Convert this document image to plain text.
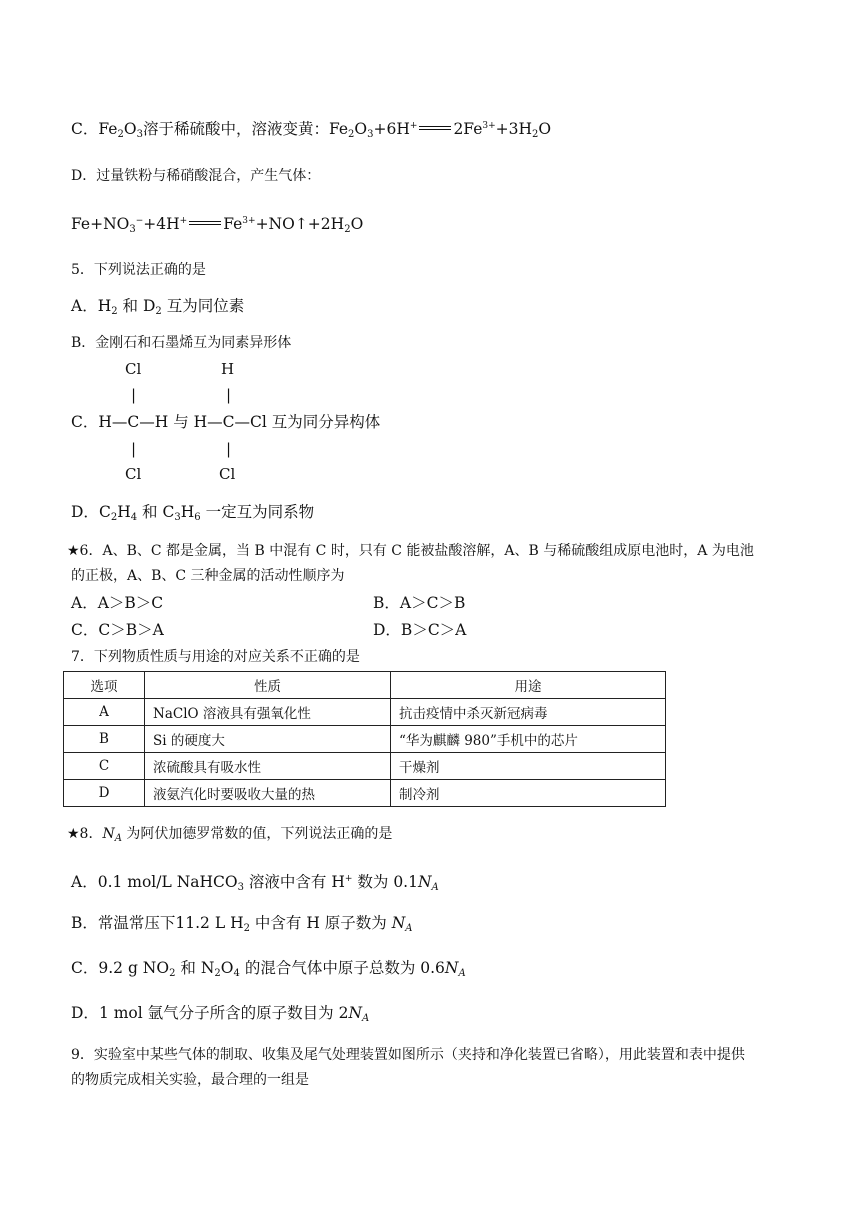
C．$Fe_2O_3$溶于稀硫酸中，溶液变黄：$Fe_2O_3+6H^+$ $2Fe^{3+}+3H_2O$
D．过量铁粉与稀硝酸混合，产生气体：
$Fe+NO_3^-+4H^+$ $Fe^{3+}+NO↑+2H_2O$
5．下列说法正确的是
A．$H_2$ 和 $D_2$ 互为同位素
B．金刚石和石墨烯互为同素异形体
Cl	H
|	|
C．H—C—H 与 H—C—Cl 互为同分异构体
|	|
Cl	Cl
D．$C_2H_4$ 和 $C_3H_6$ 一定互为同系物
★6．A、B、C 都是金属，当 B 中混有 C 时，只有 C 能被盐酸溶解，A、B 与稀硫酸组成原电池时，A 为电池
的正极，A、B、C 三种金属的活动性顺序为
A．A＞B＞C	B．A＞C＞B
C．C＞B＞A	D．B＞C＞A
7．下列物质性质与用途的对应关系不正确的是
选项	性质	用途
A	NaClO 溶液具有强氧化性	抗击疫情中杀灭新冠病毒
B	Si 的硬度大	“华为麒麟 980”手机中的芯片
C	浓硫酸具有吸水性	干燥剂
D	液氨汽化时要吸收大量的热	制冷剂
★8．$N_A$ 为阿伏加德罗常数的值，下列说法正确的是
A．0.1 mol/L NaHCO$_3$ 溶液中含有 H+ 数为 $0.1N_A$
B．常温常压下11.2 L $H_2$ 中含有 H 原子数为 $N_A$
C．9.2 g $NO_2$ 和 $N_2O_4$ 的混合气体中原子总数为 $0.6N_A$
D．1 mol 氩气分子所含的原子数目为 $2N_A$
9．实验室中某些气体的制取、收集及尾气处理装置如图所示（夹持和净化装置已省略），用此装置和表中提供
的物质完成相关实验，最合理的一组是
